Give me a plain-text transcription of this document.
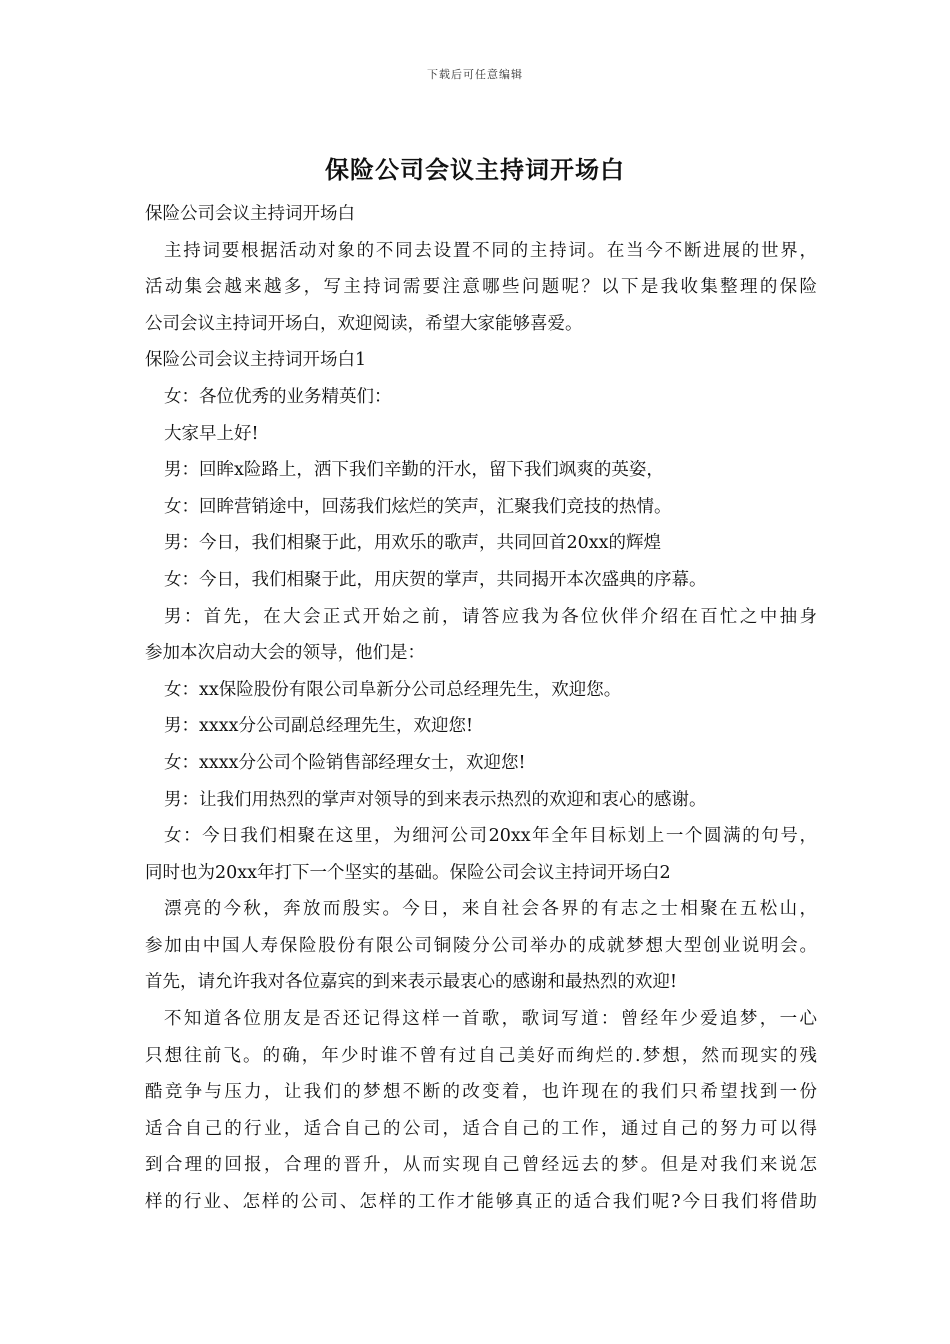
下载后可任意编辑
保险公司会议主持词开场白
保险公司会议主持词开场白
主持词要根据活动对象的不同去设置不同的主持词。在当今不断进展的世界，
活动集会越来越多，写主持词需要注意哪些问题呢？以下是我收集整理的保险
公司会议主持词开场白，欢迎阅读，希望大家能够喜爱。
保险公司会议主持词开场白1
女：各位优秀的业务精英们：
大家早上好!
男：回眸x险路上，洒下我们辛勤的汗水，留下我们飒爽的英姿，
女：回眸营销途中，回荡我们炫烂的笑声，汇聚我们竞技的热情。
男：今日，我们相聚于此，用欢乐的歌声，共同回首20xx的辉煌
女：今日，我们相聚于此，用庆贺的掌声，共同揭开本次盛典的序幕。
男：首先，在大会正式开始之前，请答应我为各位伙伴介绍在百忙之中抽身
参加本次启动大会的领导，他们是：
女：xx保险股份有限公司阜新分公司总经理先生，欢迎您。
男：xxxx分公司副总经理先生，欢迎您!
女：xxxx分公司个险销售部经理女士，欢迎您!
男：让我们用热烈的掌声对领导的到来表示热烈的欢迎和衷心的感谢。
女：今日我们相聚在这里，为细河公司20xx年全年目标划上一个圆满的句号，
同时也为20xx年打下一个坚实的基础。保险公司会议主持词开场白2
漂亮的今秋，奔放而殷实。今日，来自社会各界的有志之士相聚在五松山，
参加由中国人寿保险股份有限公司铜陵分公司举办的成就梦想大型创业说明会。
首先，请允许我对各位嘉宾的到来表示最衷心的感谢和最热烈的欢迎!
不知道各位朋友是否还记得这样一首歌，歌词写道：曾经年少爱追梦，一心
只想往前飞。的确，年少时谁不曾有过自己美好而绚烂的.梦想，然而现实的残
酷竞争与压力，让我们的梦想不断的改变着，也许现在的我们只希望找到一份
适合自己的行业，适合自己的公司，适合自己的工作，通过自己的努力可以得
到合理的回报，合理的晋升，从而实现自己曾经远去的梦。但是对我们来说怎
样的行业、怎样的公司、怎样的工作才能够真正的适合我们呢?今日我们将借助
